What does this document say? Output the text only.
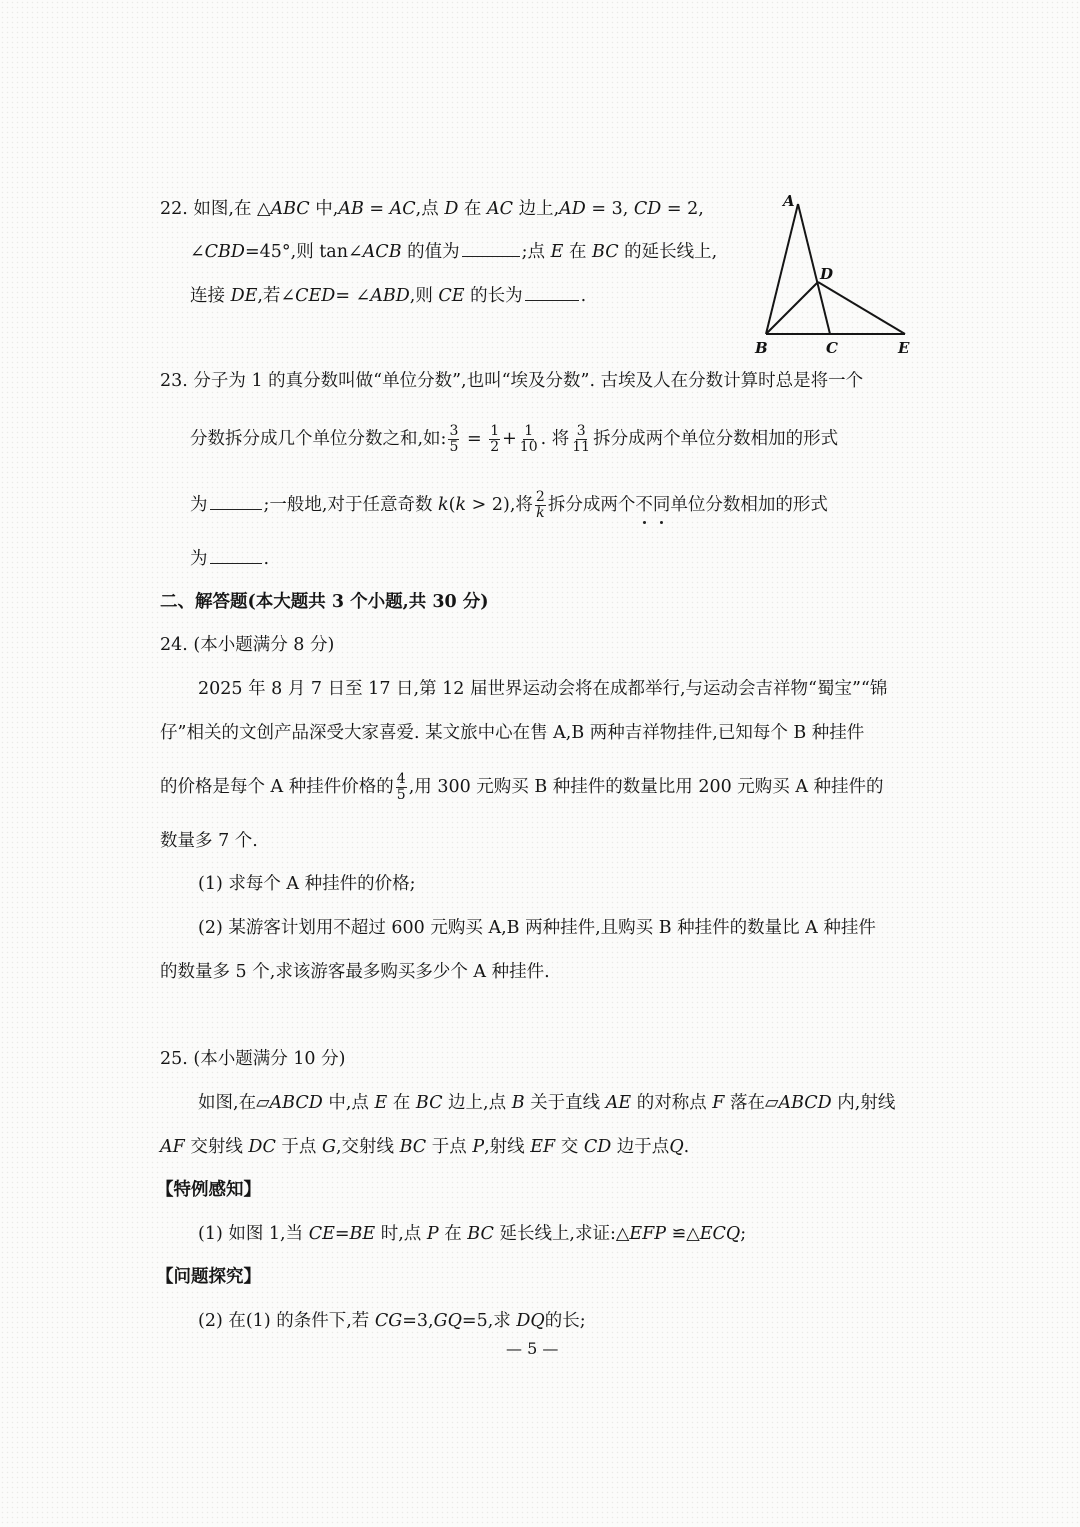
22. 如图,在 △ABC 中,AB = AC,点 D 在 AC 边上,AD = 3, CD = 2,
∠CBD=45°,则 tan∠ACB 的值为	;点 E 在 BC 的延长线上,
连接 DE,若∠CED= ∠ABD,则 CE 的长为	.
A
D
B	C	E
23. 分子为 1 的真分数叫做“单位分数”,也叫“埃及分数”. 古埃及人在分数计算时总是将一个
分数拆分成几个单位分数之和,如: $\frac{3}{5} = \frac{1}{2} + \frac{1}{10}$ . 将 $\frac{3}{11}$ 拆分成两个单位分数相加的形式
为	;一般地,对于任意奇数 k(k > 2),将 $\frac{2}{k}$ 拆分成两个不同单位分数相加的形式
为	.
二、解答题(本大题共 3 个小题,共 30 分)
24. (本小题满分 8 分)
2025 年 8 月 7 日至 17 日,第 12 届世界运动会将在成都举行,与运动会吉祥物“蜀宝”“锦
仔”相关的文创产品深受大家喜爱. 某文旅中心在售 A,B 两种吉祥物挂件,已知每个 B 种挂件
的价格是每个 A 种挂件价格的 $\frac{4}{5}$ ,用 300 元购买 B 种挂件的数量比用 200 元购买 A 种挂件的
数量多 7 个.
(1) 求每个 A 种挂件的价格;
(2) 某游客计划用不超过 600 元购买 A,B 两种挂件,且购买 B 种挂件的数量比 A 种挂件
的数量多 5 个,求该游客最多购买多少个 A 种挂件.
25. (本小题满分 10 分)
如图,在▱ABCD 中,点 E 在 BC 边上,点 B 关于直线 AE 的对称点 F 落在▱ABCD 内,射线
AF 交射线 DC 于点 G,交射线 BC 于点 P,射线 EF 交 CD 边于点Q.
【特例感知】
(1) 如图 1,当 CE=BE 时,点 P 在 BC 延长线上,求证:△EFP ≌△ECQ;
【问题探究】
(2) 在(1) 的条件下,若 CG=3,GQ=5,求 DQ的长;
— 5 —
